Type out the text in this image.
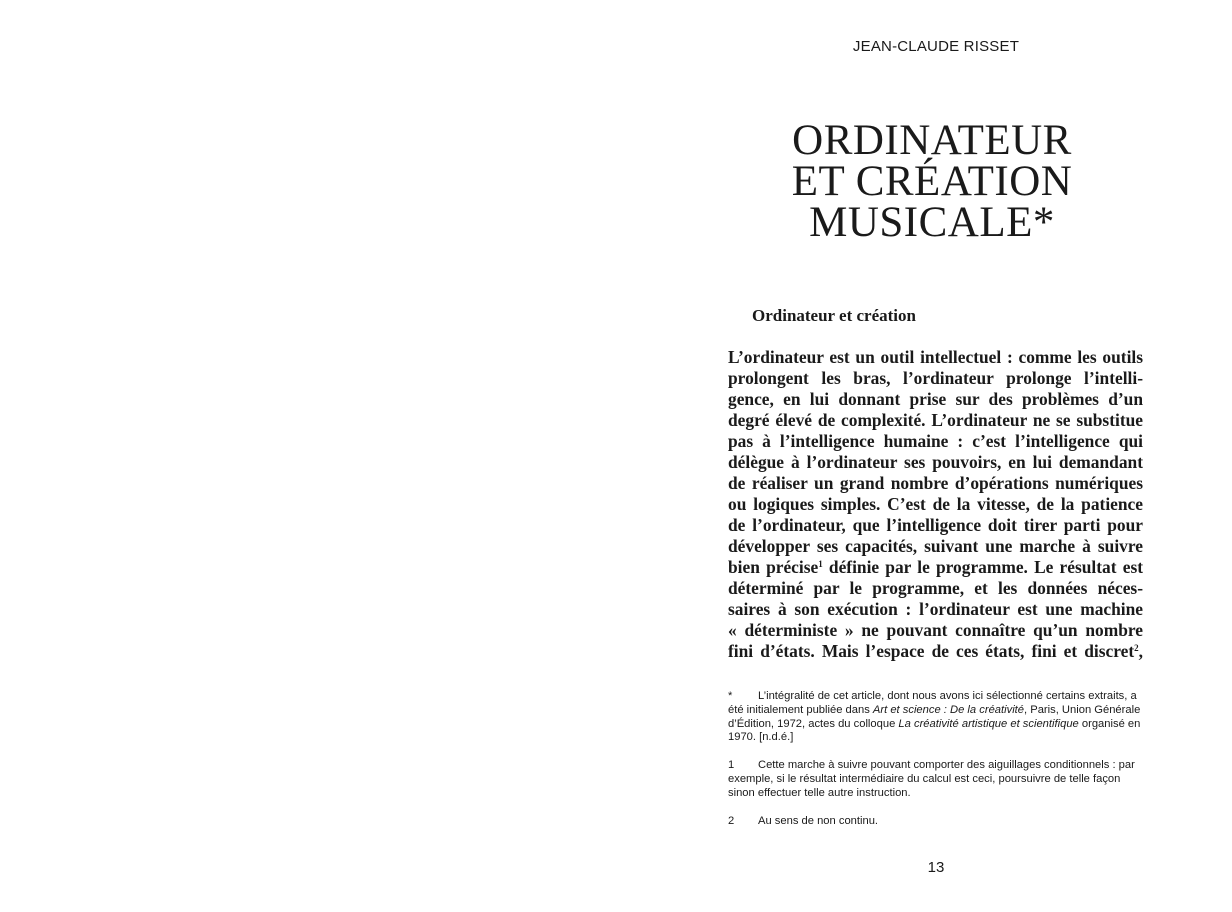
JEAN-CLAUDE RISSET
ORDINATEUR
ET CRÉATION
MUSICALE*
Ordinateur et création
L’ordinateur est un outil intellectuel : comme les outils
prolongent les bras, l’ordinateur prolonge l’intelli-
gence, en lui donnant prise sur des problèmes d’un
degré élevé de complexité. L’ordinateur ne se substitue
pas à l’intelligence humaine : c’est l’intelligence qui
délègue à l’ordinateur ses pouvoirs, en lui demandant
de réaliser un grand nombre d’opérations numériques
ou logiques simples. C’est de la vitesse, de la patience
de l’ordinateur, que l’intelligence doit tirer parti pour
développer ses capacités, suivant une marche à suivre
bien précise$^1$ définie par le programme. Le résultat est
déterminé par le programme, et les données néces-
saires à son exécution : l’ordinateur est une machine
« déterministe » ne pouvant connaître qu’un nombre
fini d’états. Mais l’espace de ces états, fini et discret$^2$,

* L’intégralité de cet article, dont nous avons ici sélectionné certains extraits, a été initialement publiée dans Art et science : De la créativité, Paris, Union Générale d’Édition, 1972, actes du colloque La créativité artistique et scientifique organisé en 1970. [n.d.é.]

1 Cette marche à suivre pouvant comporter des aiguillages conditionnels : par exemple, si le résultat intermédiaire du calcul est ceci, poursuivre de telle façon sinon effectuer telle autre instruction.

2 Au sens de non continu.

13
